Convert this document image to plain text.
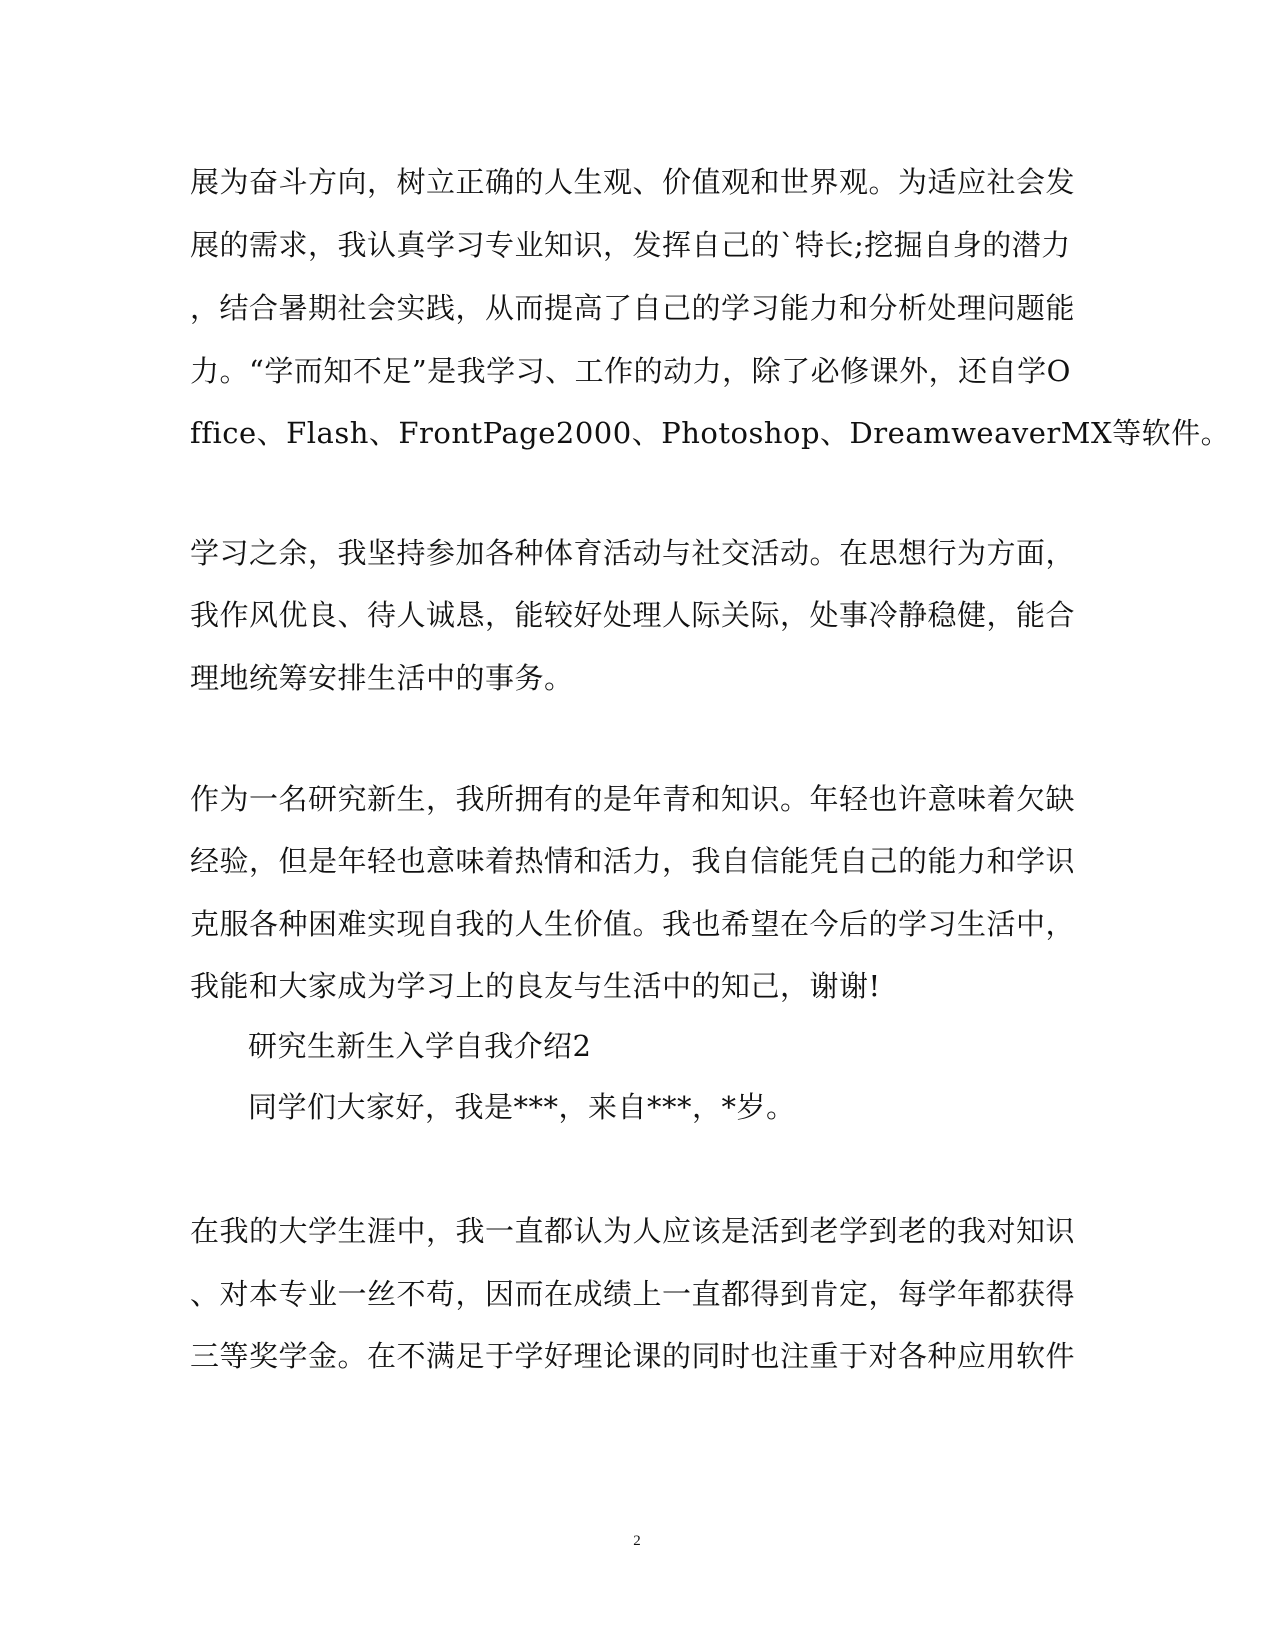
展为奋斗方向，树立正确的人生观、价值观和世界观。为适应社会发
展的需求，我认真学习专业知识，发挥自己的`特长;挖掘自身的潜力
，结合暑期社会实践，从而提高了自己的学习能力和分析处理问题能
力。“学而知不足”是我学习、工作的动力，除了必修课外，还自学O
ffice、Flash、FrontPage2000、Photoshop、DreamweaverMX等软件。
学习之余，我坚持参加各种体育活动与社交活动。在思想行为方面，
我作风优良、待人诚恳，能较好处理人际关际，处事冷静稳健，能合
理地统筹安排生活中的事务。
作为一名研究新生，我所拥有的是年青和知识。年轻也许意味着欠缺
经验，但是年轻也意味着热情和活力，我自信能凭自己的能力和学识
克服各种困难实现自我的人生价值。我也希望在今后的学习生活中，
我能和大家成为学习上的良友与生活中的知己，谢谢!
研究生新生入学自我介绍2
同学们大家好，我是***，来自***，*岁。
在我的大学生涯中，我一直都认为人应该是活到老学到老的我对知识
、对本专业一丝不苟，因而在成绩上一直都得到肯定，每学年都获得
三等奖学金。在不满足于学好理论课的同时也注重于对各种应用软件
2
